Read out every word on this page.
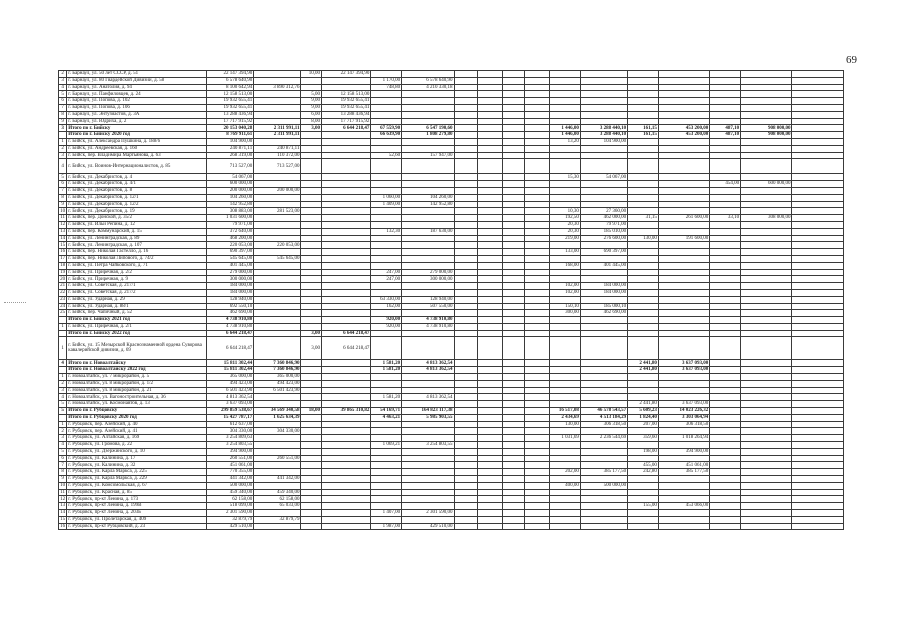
69
2	г. Барнаул, ул. 50 лет СССР, д. 51	22 147 394,90		10,00	22 147 394,90													
3	г. Барнаул, ул. 80 Гвардейской Дивизии, д. 58	6 578 640,90				1 170,00	6 578 640,90											
4	г. Барнаул, ул. Анатолия, д. 94	8 100 642,94	3 890 312,76			748,80	4 210 330,18											
5	г. Барнаул, ул. Панфиловцев, д. 24	12 158 513,00		5,00	12 158 513,00													
6	г. Барнаул, ул. Попова, д. 102	19 932 655,41		9,00	19 932 655,41													
7	г. Барнаул, ул. Попова, д. 106	19 932 655,41		9,00	19 932 655,41													
8	г. Барнаул, ул. Энтузиастов, д. 3А	13 288 436,94		6,00	13 288 436,94													
9	г. Барнаул, ул. Юдриха, д. 2	17 717 915,92		8,00	17 717 915,92													
3	Итого по г. Бийску	20 153 040,28	2 311 991,11	3,00	6 644 218,47	67 559,90	6 547 190,60					1 446,00	3 288 440,10	161,15	453 200,00	487,10	908 000,00	
	Итого по г. Бийску 2020 год	8 769 911,61	2 311 991,11			66 639,90	1 808 279,80					1 446,00	3 288 440,10	161,15	453 200,00	487,10	908 000,00	
1	г. Бийск, ул. Александра Пушкина, д. 188/6	104 900,00										13,20	104 900,00					
2	г. Бийск, ул. Андреевская, д. 160	240 871,11	240 871,11															
3	г. Бийск, пер. Владимира Мартьянова, д. 63	268 319,00	110 372,00			52,60	157 947,00											
4	г. Бийск, ул. Воинов-Интернационалистов, д. 85	713 527,00	713 527,00															
5	г. Бийск, ул. Декабристов, д. 4	54 067,00										15,30	54 067,00					
6	г. Бийск, ул. Декабристов, д. 4/1	600 000,00														454,00	600 000,00	
7	г. Бийск, ул. Декабристов, д. 8	200 000,00	200 000,00															
8	г. Бийск, ул. Декабристов, д. 12/1	104 260,00				1 060,00	104 260,00											
9	г. Бийск, ул. Декабристов, д. 12/2	142 952,80				1 409,00	142 952,80											
10	г. Бийск, ул. Декабристов, д. 19	308 883,00	281 523,00									10,30	27 360,00					
11	г. Бийск, пер. Донской, д. 35/2	1 031 600,00										192,50	462 000,00	31,15	261 600,00	33,10	308 000,00	
12	г. Бийск, ул. Ильи Репина, д. 12	79 971,00										20,30	79 971,00					
13	г. Бийск, пер. Коммунарский, д. 15	372 640,00				132,30	187 630,00					20,30	185 010,00					
14	г. Бийск, ул. Ленинградская, д. 89	468 200,00										219,00	276 600,00	130,00	191 600,00			
15	г. Бийск, ул. Ленинградская, д. 107	220 053,00	220 053,00															
16	г. Бийск, пер. Николая Гастелло, д. 16	690 397,00										133,00	690 397,00					
17	г. Бийск, пер. Николая Липового, д. 74/2	545 645,00	545 645,00															
18	г. Бийск, ул. Петра Чайковского, д. 71	401 445,00										168,00	401 445,00					
19	г. Бийск, ул. Приречная, д. 2/2	279 000,00				247,00	279 000,00											
20	г. Бийск, ул. Приречная, д. 9	300 000,00				247,00	300 000,00											
21	г. Бийск, ул. Советская, д. 217/1	184 000,00										102,00	184 000,00					
22	г. Бийск, ул. Советская, д. 217/2	184 000,00										102,00	184 000,00					
23	г. Бийск, ул. Ударная, д. 29	128 940,00				63 330,00	128 940,00											
24	г. Бийск, ул. Ударная, д. 88/1	692 550,10				162,00	507 550,00					150,10	185 000,10					
25	г. Бийск, пер. Чапичный, д. 52	462 690,00										300,00	462 690,00					
	Итого по г. Бийску 2021 год	4 738 910,80				920,00	4 738 910,80											
1	г. Бийск, ул. Приречная, д. 2/1	4 738 910,80				920,00	4 738 910,80											
	Итого по г. Бийску 2022 год	6 644 218,47		3,00	6 644 218,47													
1	г. Бийск, ул. 15 Мезырской Краснознаменной ордена Суворова кавалерийской дивизии, д. 69	6 644 218,47		3,00	6 644 218,47													
4	Итого по г. Новоалтайску	15 811 302,44	7 360 846,90			1 581,20	4 813 362,54							2 441,80	3 637 093,00			
	Итого по г. Новоалтайску 2022 год	15 811 302,44	7 360 846,90			1 581,20	4 813 362,54							2 441,80	3 637 093,00			
1	г. Новоалтайск, ул. 7 микрорайон, д. 5	365 000,00	365 000,00															
2	г. Новоалтайск, ул. 8 микрорайон, д. 1/2	494 423,00	494 423,00															
3	г. Новоалтайск, ул. 8 микрорайон, д. 21	6 501 423,90	6 501 423,90															
4	г. Новоалтайск, ул. Вагоностроительная, д. 36	4 813 362,54				1 581,20	4 813 362,54											
5	г. Новоалтайск, ул. Космонавтов, д. 13	3 637 093,00												2 441,80	3 637 093,00			
5	Итого по г. Рубцовску	299 859 538,67	34 569 340,58	18,00	39 865 310,82	54 169,71	164 823 117,38					16 517,08	46 578 543,57	5 609,23	14 023 226,32			
	Итого по г. Рубцовску 2020 год	15 427 787,17	1 625 634,39			4 463,21	5 985 903,55					2 434,69	4 513 184,29	1 824,40	3 303 064,94			
1	г. Рубцовск, пер. Азейский, д. 40	612 637,00										130,00	306 318,50	207,00	306 318,50			
2	г. Рубцовск, пер. Азейский, д. 41	304 330,00	304 330,00															
3	г. Рубцовск, ул. Алтайская, д. 169	3 254 809,63										1 031,69	2 236 544,69	359,60	1 018 264,94			
4	г. Рубцовск, ул. Громова, д. 22	3 254 803,55				1 069,21	3 254 803,55											
5	г. Рубцовск, ул. Дзержинского, д. 10	394 900,00												198,00	394 900,00			
6	г. Рубцовск, ул. Калинина, д. 17	260 551,00	260 551,00															
7	г. Рубцовск, ул. Калинина, д. 32	451 061,00												455,00	451 061,00			
8	г. Рубцовск, ул. Карла Маркса, д. 225	770 355,00										202,00	385 177,50	242,80	385 177,50			
9	г. Рубцовск, ул. Карла Маркса, д. 229	441 342,00	441 342,00															
10	г. Рубцовск, ул. Комсомольская, д. 67	500 000,00										400,00	500 000,00					
11	г. Рубцовск, ул. Красная, д. 85	459 340,00	459 340,00															
12	г. Рубцовск, пр-кт Ленина, д. 173	62 158,00	62 158,00															
13	г. Рубцовск, пр-кт Ленина, д. 199В	518 099,00	65 033,00											155,00	453 066,00			
14	г. Рубцовск, пр-кт Ленина, д. 203Б	2 301 590,00				1 407,00	2 301 590,00											
15	г. Рубцовск, ул. Пролетарская, д. 409	32 879,79	32 879,79															
16	г. Рубцовск, пр-кт Рубцовский, д. 23	429 510,00				1 987,00	429 510,00											
